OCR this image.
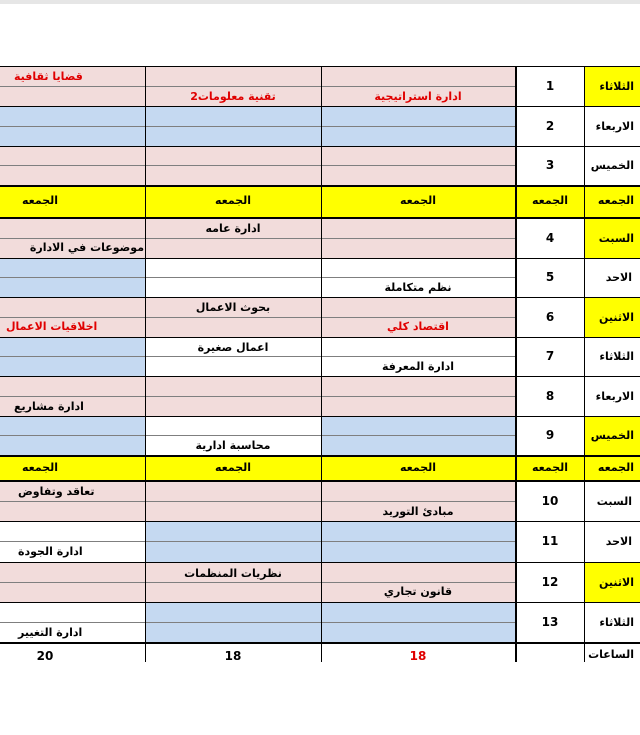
الثلاثاء
1
ادارة استراتيجية
تقنية معلومات2
قضايا ثقافية
الاربعاء
2
الخميس
3
الجمعه
الجمعه
الجمعه
الجمعه
الجمعه
السبت
4
ادارة عامه
موضوعات في الادارة
الاحد
5
نظم متكاملة
الاثنين
6
اقتصاد كلي
بحوث الاعمال
اخلاقيات الاعمال
الثلاثاء
7
ادارة المعرفة
اعمال صغيرة
الاربعاء
8
ادارة مشاريع
الخميس
9
محاسبة ادارية
الجمعه
الجمعه
الجمعه
الجمعه
الجمعه
السبت
10
مبادئ التوريد
تعاقد وتفاوض
الاحد
11
ادارة الجودة
الاثنين
12
قانون تجاري
نظريات المنظمات
الثلاثاء
13
ادارة التغيير
الساعات
18
18
20
